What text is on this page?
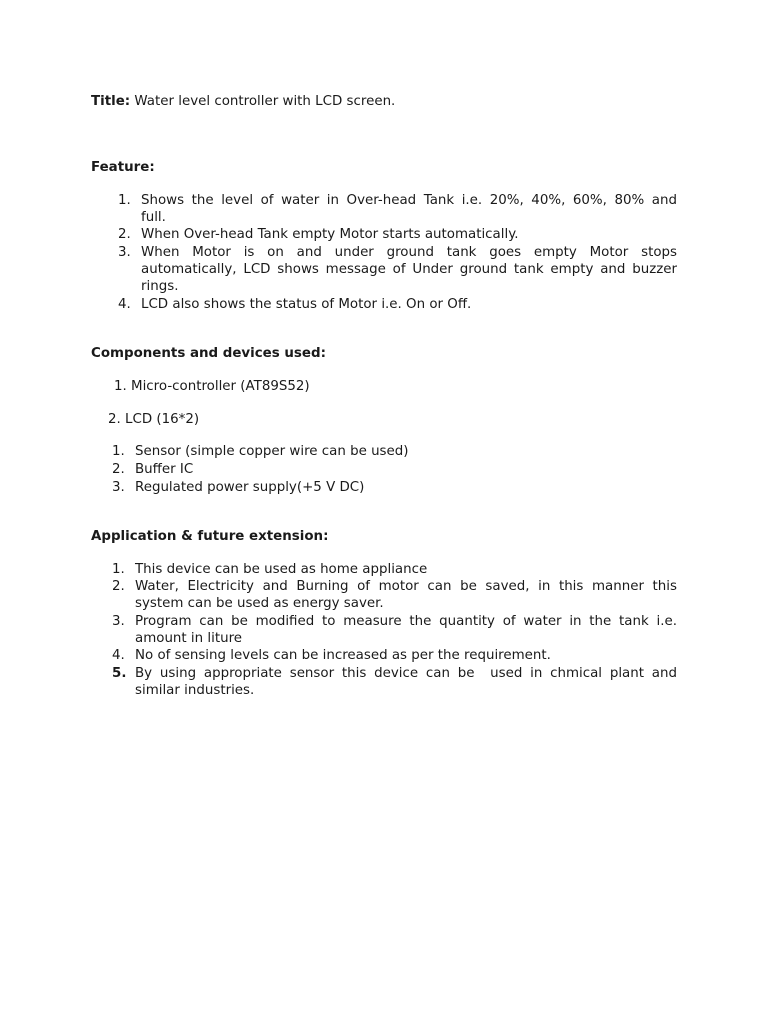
Title: Water level controller with LCD screen.
Feature:
1. Shows the level of water in Over-head Tank i.e. 20%, 40%, 60%, 80% and
full.
2. When Over-head Tank empty Motor starts automatically.
3. When Motor is on and under ground tank goes empty Motor stops
automatically, LCD shows message of Under ground tank empty and buzzer
rings.
4. LCD also shows the status of Motor i.e. On or Off.
Components and devices used:
1. Micro-controller (AT89S52)
2. LCD (16*2)
1. Sensor (simple copper wire can be used)
2. Buffer IC
3. Regulated power supply(+5 V DC)
Application & future extension:
1. This device can be used as home appliance
2. Water, Electricity and Burning of motor can be saved, in this manner this
system can be used as energy saver.
3. Program can be modified to measure the quantity of water in the tank i.e.
amount in liture
4. No of sensing levels can be increased as per the requirement.
5. By using appropriate sensor this device can be  used in chmical plant and
similar industries.
